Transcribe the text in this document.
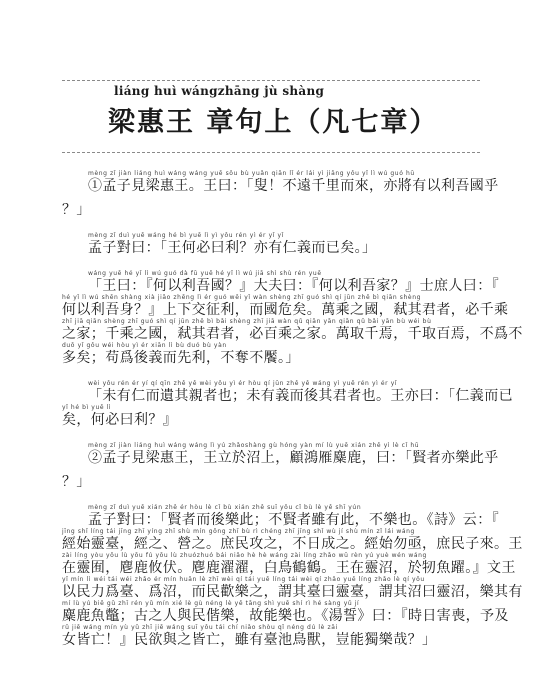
liáng huì wángzhāng jù shàng
梁惠王 章句上（凡七章）
mèng zǐ jiàn liáng huì wáng wáng yuē sǒu bù yuǎn qiān lǐ ér lái yì jiāng yǒu yǐ lì wú guó hū
①孟子見梁惠王。王曰：「叟！不遠千里而來，亦將有以利吾國乎
？」
mèng zǐ duì yuē wáng hé bì yuē lì yì yǒu rén yì ér yǐ yǐ
孟子對曰：「王何必曰利？亦有仁義而已矣。」
wáng yuē hé yǐ lì wú guó dà fū yuē hé yǐ lì wú jiā shì shù rén yuē
「王曰：『何以利吾國？』大夫曰：『何以利吾家？』士庶人曰：『
hé yǐ lì wú shēn shàng xià jiāo zhēng lì ér guó wēi yǐ wàn shèng zhī guó shì qí jūn zhě bì qiān shèng
何以利吾身？』上下交征利，而國危矣。萬乘之國，弒其君者，必千乘
zhī jiā qiān shèng zhī guó shì qí jūn zhě bì bǎi shèng zhī jiā wàn qǔ qiān yān qiān qǔ bǎi yān bù wéi bù
之家；千乘之國，弒其君者，必百乘之家。萬取千焉，千取百焉，不爲不
duō yǐ gǒu wéi hòu yì ér xiān lì bù duó bù yàn
多矣；苟爲後義而先利，不奪不饜。」
wèi yǒu rén ér yí qí qīn zhě yě wèi yǒu yì ér hòu qí jūn zhě yě wáng yì yuē rén yì ér yǐ
「未有仁而遺其親者也；未有義而後其君者也。王亦曰：「仁義而已
yǐ hé bì yuē lì
矣，何必曰利？』
mèng zǐ jiàn liáng huì wáng wáng lì yú zhǎoshàng gù hóng yàn mí lù yuē xián zhě yì lè cǐ hū
②孟子見梁惠王，王立於沼上，顧鴻雁麋鹿，曰：「賢者亦樂此乎
？」
mèng zǐ duì yuē xián zhě ér hòu lè cǐ bù xián zhě suī yǒu cǐ bù lè yě shī yún
孟子對曰：「賢者而後樂此；不賢者雖有此，不樂也。《詩》云：『
jīng shǐ líng tái jīng zhī yíng zhī shù mín gōng zhī bù rì chéng zhī jīng shǐ wù jí shù mín zǐ lái wáng
經始靈臺，經之、營之。庶民攻之，不日成之。經始勿亟，庶民子來。王
zài líng yòu yōu lù yōu fú yōu lù zhuózhuó bái niǎo hè hè wáng zài líng zhǎo wū rèn yú yuè wén wáng
在靈囿，麀鹿攸伏。麀鹿濯濯，白鳥鶴鶴。王在靈沼，於牣魚躍。』文王
yǐ mín lì wéi tái wéi zhǎo ér mín huān lè zhī wèi qí tái yuē líng tái wèi qí zhǎo yuē líng zhǎo lè qí yǒu
以民力爲臺、爲沼，而民歡樂之，謂其臺曰靈臺，謂其沼曰靈沼，樂其有
mí lù yú biē gǔ zhī rén yǔ mín xié lè gù néng lè yě tāng shì yuē shí rì hé sàng yǔ jí
麋鹿魚鼈；古之人與民偕樂，故能樂也。《湯誓》曰：『時日害喪，予及
rǔ jiē wáng mín yù yǔ zhī jiē wáng suī yǒu tái chí niǎo shòu qǐ néng dú lè zāi
女皆亡！』民欲與之皆亡，雖有臺池鳥獸，豈能獨樂哉？」
